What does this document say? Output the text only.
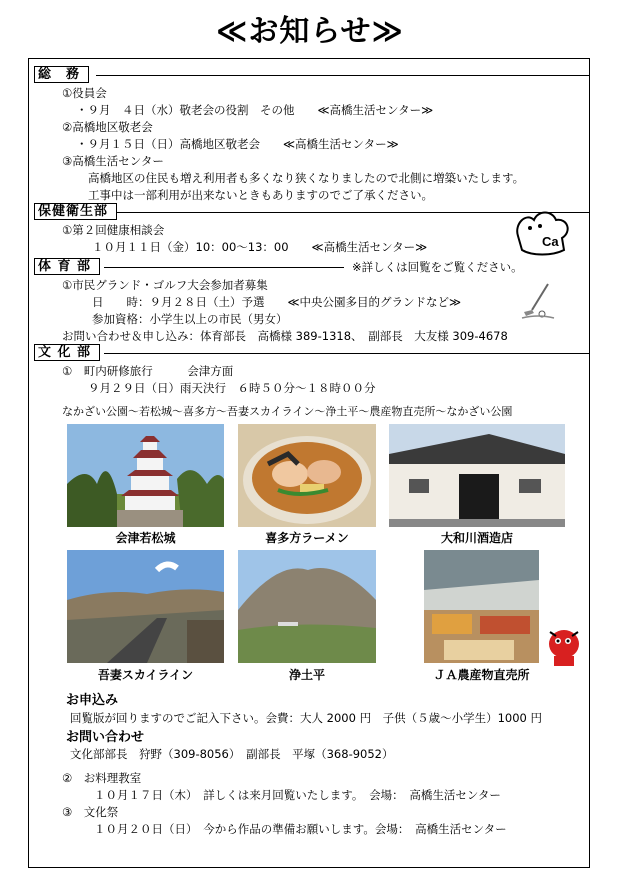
≪お知らせ≫
総　務
①役員会
・９月　４日（水）敬老会の役割　その他　　≪高橋生活センター≫
②高橋地区敬老会
・９月１５日（日）高橋地区敬老会　　≪高橋生活センター≫
③高橋生活センター
高橋地区の住民も増え利用者も多くなり狭くなりましたので北側に増築いたします。
工事中は一部利用が出来ないときもありますのでご了承ください。
保健衛生部
①第２回健康相談会
１０月１１日（金）10：00～13：00　　≪高橋生活センター≫	Ca
体 育 部	※詳しくは回覧をご覧ください。
①市民グランド・ゴルフ大会参加者募集
日　　時：９月２８日（土）予選　　≪中央公園多目的グランドなど≫
参加資格：小学生以上の市民（男女）
お問い合わせ＆申し込み：体育部長　高橋様 389-1318、　副部長　大友様 309-4678
文 化 部
①　町内研修旅行　　　会津方面
９月２９日（日）雨天決行　６時５０分～１８時００分
なかざい公園～若松城～喜多方～吾妻スカイライン～浄土平～農産物直売所～なかざい公園
会津若松城	喜多方ラーメン	大和川酒造店
吾妻スカイライン	浄土平	ＪＡ農産物直売所
お申込み
回覧版が回りますのでご記入下さい。会費：大人 2000 円　子供（５歳～小学生）1000 円
お問い合わせ
文化部部長　狩野（309-8056）　副部長　平塚（368-9052）
②　お料理教室
１０月１７日（木）　詳しくは来月回覧いたします。　会場：　高橋生活センター
③　文化祭
１０月２０日（日）　今から作品の準備お願いします。会場：　高橋生活センター
